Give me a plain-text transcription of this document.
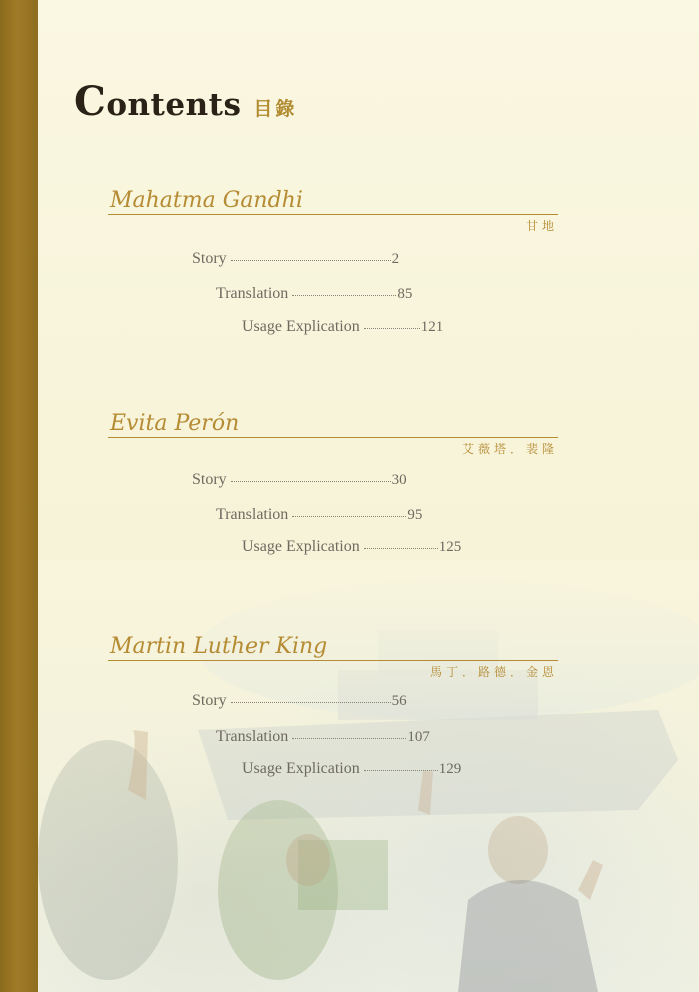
Contents 目錄
Mahatma Gandhi
甘地
Story	2
Translation	85
Usage Explication	121
Evita Perón
艾薇塔．裴隆
Story	30
Translation	95
Usage Explication	125
Martin Luther King
馬丁．路德．金恩
Story	56
Translation	107
Usage Explication	129
